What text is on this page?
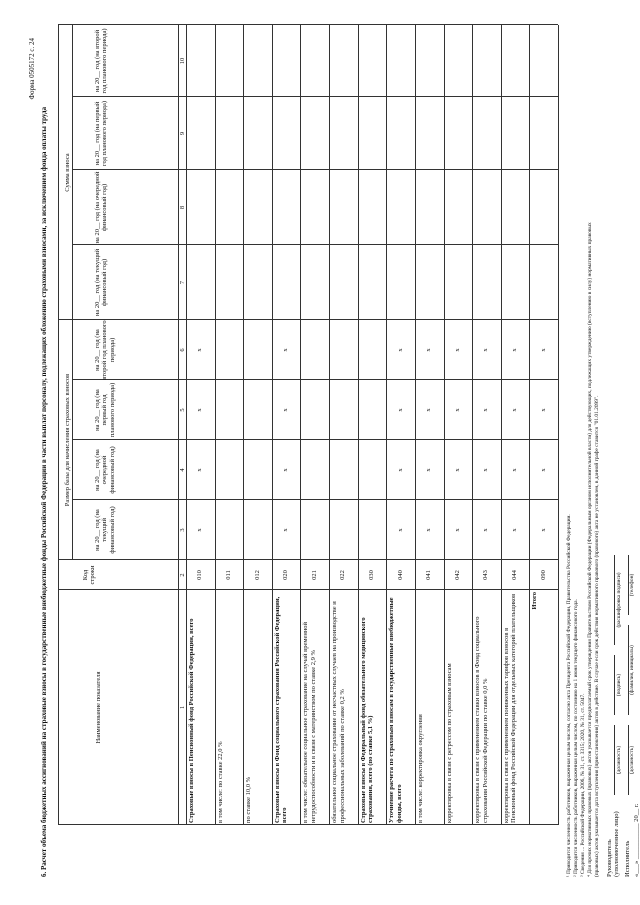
Форма 0505172 с. 24
6. Расчет объема бюджетных ассигнований на страховые взносы в государственные внебюджетные фонды Российской Федерации в части выплат персоналу, подлежащих обложению страховыми взносами, за исключением фонда оплаты труда	Наименование показателя
Код строки
Размер базы для начисления страховых взносов
Сумма взноса
¹ Приводится численность работников, выраженная целым числом, согласно акта Президента Российской Федерации, Правительства Российской Федерации. ² Приводится численность работников, выраженная целым числом, по состоянию на 1 июня текущего финансового года. ³ Сведения ... Российской Федерации, 2006, № 31, ст. 3315; 2020, № 31, ст. 5047. ⁴ Для прочих нормативных правовых (правовых) актов указывается предполагаемый срок утверждения Правительством Российской Федерации (Федеральным органом исполнительной власти) для действующих, подлежащих утверждению (вступлению в силу) нормативных правовых (правовых) актов указывается дата вступления (приостановления) актов в действие. В случае если срок действия нормативного правового (правового) акта не установлен, в данной графе ставится "01.01.2099". Руководитель (уполномоченное лицо)
(должность)
(подпись)
(расшифровка подписи)
Исполнитель
(должность)
(фамилия, инициалы)
(телефон)
«___» ___________ 20__ г.
на 20__ год (на текущий финансовый год)
на 20__ год (на очередной финансовый год)
на 20__ год (на первый год планового периода)
на 20__ год (на второй год планового периода)
на 20__ год (на текущий финансовый год)
на 20__ год (на очередной финансовый год)
на 20__ год (на первый год планового периода)
на 20__ год (на второй год планового периода)
1
2
3
4
5
6
7
8
9
10
Страховые взносы в Пенсионный фонд Российской Федерации, всего
010
х
х
х
х
в том числе: по ставке 22,0 %
011
по ставке 10,0 %
012
Страховые взносы в Фонд социального страхования Российской Федерации, всего
020
х
х
х
х
в том числе: обязательное социальное страхование на случай временной нетрудоспособности и в связи с материнством по ставке 2,9 %
021
обязательное социальное страхование от несчастных случаев на производстве и профессиональных заболеваний по ставке 0,2 %
022
Страховые взносы в Федеральный фонд обязательного медицинского страхования, всего (по ставке 5,1 %)
030
Уточнение расчета по страховым взносам в государственные внебюджетные фонды, всего
040
х
х
х
х
в том числе: корректировка округления
041
х
х
х
х
корректировка в связи с регрессом по страховым взносам
042
х
х
х
х
корректировка в связи с применением ставки взносов в Фонд социального страхования Российской Федерации по ставке 0,0 %
043
х
х
х
х
корректировка в связи с применением пониженных тарифов взносов в Пенсионный фонд Российской Федерации для отдельных категорий плательщиков
044
х
х
х
х
Итого
090
х
х
х
х
